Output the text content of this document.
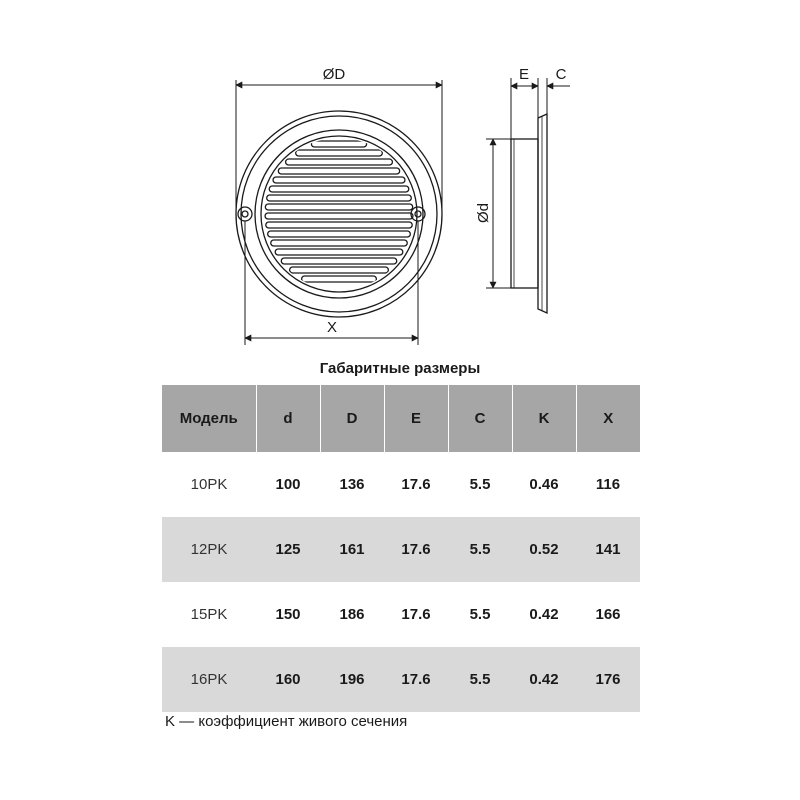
ØD
X
E C
Ød
Габаритные размеры
Модель	d	D	E	C	K	X
10PK	100	136	17.6	5.5	0.46	116
12PK	125	161	17.6	5.5	0.52	141
15PK	150	186	17.6	5.5	0.42	166
16PK	160	196	17.6	5.5	0.42	176
K — коэффициент живого сечения
